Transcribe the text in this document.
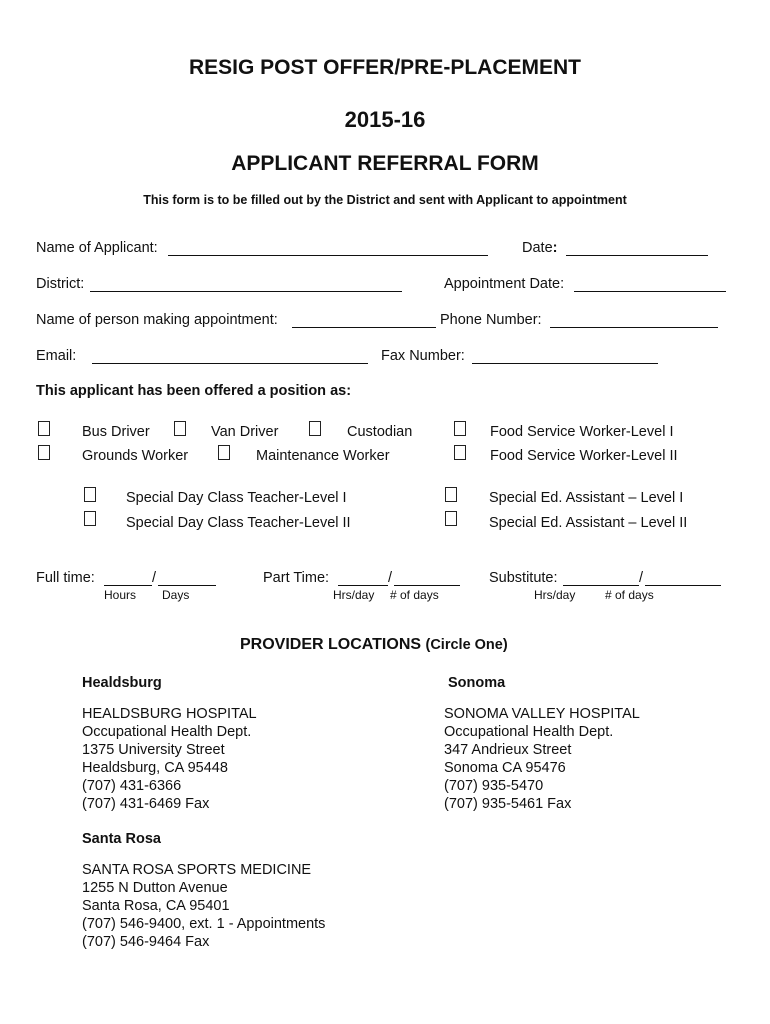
RESIG POST OFFER/PRE-PLACEMENT
2015-16
APPLICANT REFERRAL FORM
This form is to be filled out by the District and sent with Applicant to appointment
Name of Applicant:	Date:
District:	Appointment Date:
Name of person making appointment:	Phone Number:
Email:	Fax Number:
This applicant has been offered a position as:
Bus Driver	Van Driver	Custodian	Food Service Worker-Level I
Grounds Worker	Maintenance Worker	Food Service Worker-Level II
Special Day Class Teacher-Level I	Special Ed. Assistant – Level I
Special Day Class Teacher-Level II	Special Ed. Assistant – Level II
Full time:	/
Hours Days
Part Time:	/
Hrs/day # of days
Substitute:	/
Hrs/day # of days
PROVIDER LOCATIONS (Circle One)
Healdsburg
HEALDSBURG HOSPITAL
Occupational Health Dept.
1375 University Street
Healdsburg, CA 95448
(707) 431-6366
(707) 431-6469 Fax
Sonoma
SONOMA VALLEY HOSPITAL
Occupational Health Dept.
347 Andrieux Street
Sonoma CA 95476
(707) 935-5470
(707) 935-5461 Fax
Santa Rosa
SANTA ROSA SPORTS MEDICINE
1255 N Dutton Avenue
Santa Rosa, CA 95401
(707) 546-9400, ext. 1 - Appointments
(707) 546-9464 Fax
